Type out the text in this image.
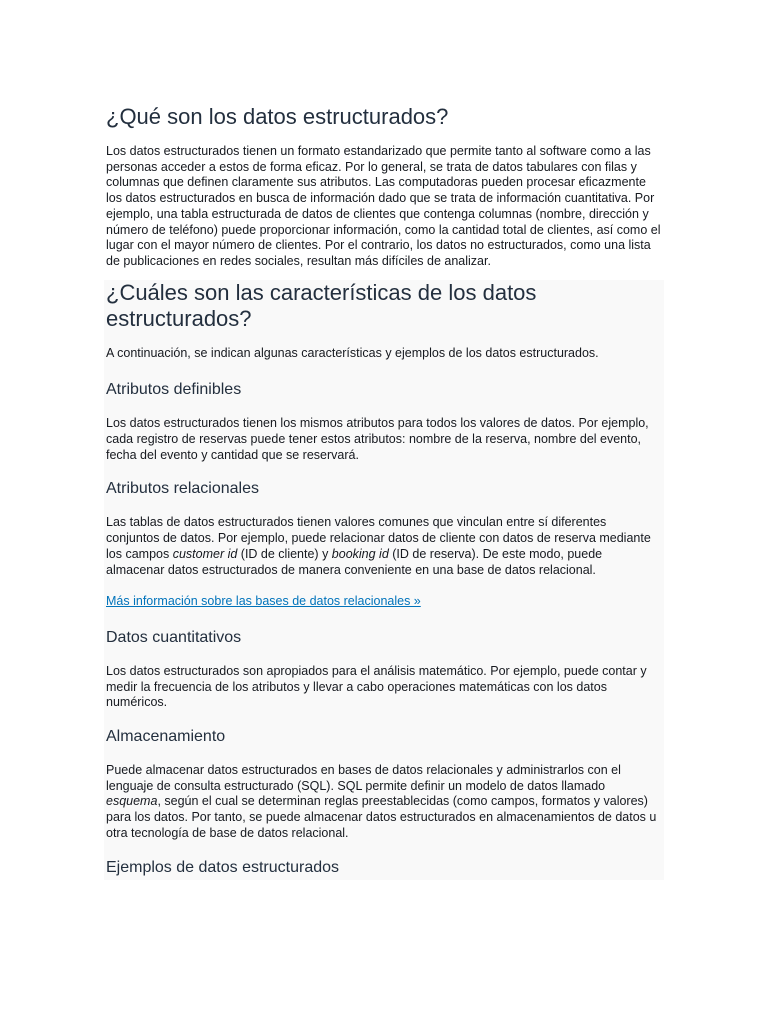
¿Qué son los datos estructurados?

Los datos estructurados tienen un formato estandarizado que permite tanto al software como a las personas acceder a estos de forma eficaz. Por lo general, se trata de datos tabulares con filas y columnas que definen claramente sus atributos. Las computadoras pueden procesar eficazmente los datos estructurados en busca de información dado que se trata de información cuantitativa. Por ejemplo, una tabla estructurada de datos de clientes que contenga columnas (nombre, dirección y número de teléfono) puede proporcionar información, como la cantidad total de clientes, así como el lugar con el mayor número de clientes. Por el contrario, los datos no estructurados, como una lista de publicaciones en redes sociales, resultan más difíciles de analizar.

¿Cuáles son las características de los datos estructurados?

A continuación, se indican algunas características y ejemplos de los datos estructurados.

Atributos definibles

Los datos estructurados tienen los mismos atributos para todos los valores de datos. Por ejemplo, cada registro de reservas puede tener estos atributos: nombre de la reserva, nombre del evento, fecha del evento y cantidad que se reservará.

Atributos relacionales

Las tablas de datos estructurados tienen valores comunes que vinculan entre sí diferentes conjuntos de datos. Por ejemplo, puede relacionar datos de cliente con datos de reserva mediante los campos customer id (ID de cliente) y booking id (ID de reserva). De este modo, puede almacenar datos estructurados de manera conveniente en una base de datos relacional.

Más información sobre las bases de datos relacionales »

Datos cuantitativos

Los datos estructurados son apropiados para el análisis matemático. Por ejemplo, puede contar y medir la frecuencia de los atributos y llevar a cabo operaciones matemáticas con los datos numéricos.

Almacenamiento

Puede almacenar datos estructurados en bases de datos relacionales y administrarlos con el lenguaje de consulta estructurado (SQL). SQL permite definir un modelo de datos llamado esquema, según el cual se determinan reglas preestablecidas (como campos, formatos y valores) para los datos. Por tanto, se puede almacenar datos estructurados en almacenamientos de datos u otra tecnología de base de datos relacional.

Ejemplos de datos estructurados
